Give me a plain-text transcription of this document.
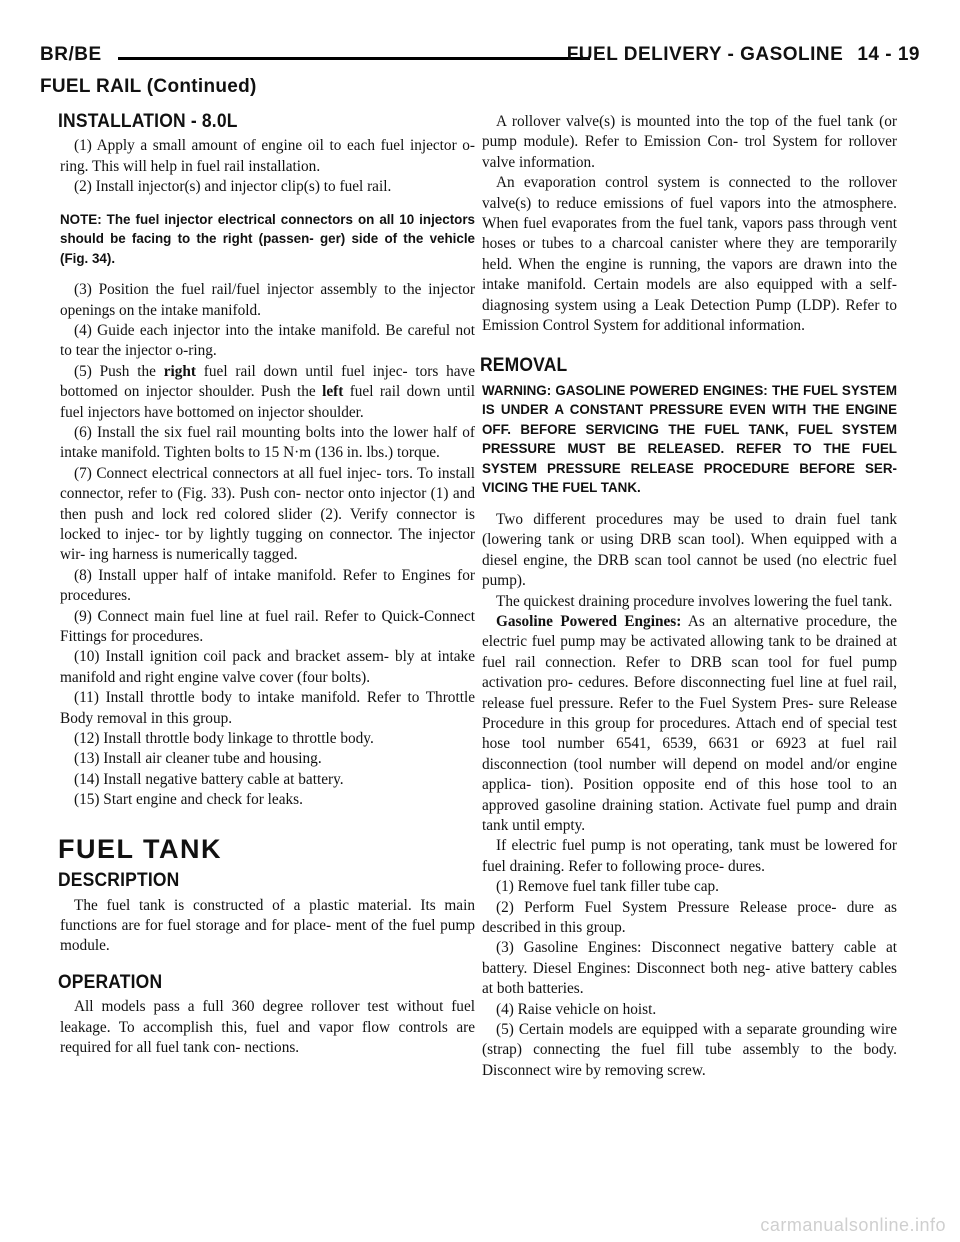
BR/BE	FUEL DELIVERY - GASOLINE 14 - 19
FUEL RAIL (Continued)
INSTALLATION - 8.0L

(1) Apply a small amount of engine oil to each fuel injector o-ring. This will help in fuel rail installation.

(2) Install injector(s) and injector clip(s) to fuel rail.

NOTE: The fuel injector electrical connectors on all 10 injectors should be facing to the right (passen- ger) side of the vehicle (Fig. 34).

(3) Position the fuel rail/fuel injector assembly to the injector openings on the intake manifold.

(4) Guide each injector into the intake manifold. Be careful not to tear the injector o-ring.

(5) Push the right fuel rail down until fuel injec- tors have bottomed on injector shoulder. Push the left fuel rail down until fuel injectors have bottomed on injector shoulder.

(6) Install the six fuel rail mounting bolts into the lower half of intake manifold. Tighten bolts to 15 N·m (136 in. lbs.) torque.

(7) Connect electrical connectors at all fuel injec- tors. To install connector, refer to (Fig. 33). Push con- nector onto injector (1) and then push and lock red colored slider (2). Verify connector is locked to injec- tor by lightly tugging on connector. The injector wir- ing harness is numerically tagged.

(8) Install upper half of intake manifold. Refer to Engines for procedures.

(9) Connect main fuel line at fuel rail. Refer to Quick-Connect Fittings for procedures.

(10) Install ignition coil pack and bracket assem- bly at intake manifold and right engine valve cover (four bolts).

(11) Install throttle body to intake manifold. Refer to Throttle Body removal in this group.

(12) Install throttle body linkage to throttle body.

(13) Install air cleaner tube and housing.

(14) Install negative battery cable at battery.

(15) Start engine and check for leaks.

FUEL TANK
DESCRIPTION

The fuel tank is constructed of a plastic material. Its main functions are for fuel storage and for place- ment of the fuel pump module.

OPERATION

All models pass a full 360 degree rollover test without fuel leakage. To accomplish this, fuel and vapor flow controls are required for all fuel tank con- nections.

A rollover valve(s) is mounted into the top of the fuel tank (or pump module). Refer to Emission Con- trol System for rollover valve information.

An evaporation control system is connected to the rollover valve(s) to reduce emissions of fuel vapors into the atmosphere. When fuel evaporates from the fuel tank, vapors pass through vent hoses or tubes to a charcoal canister where they are temporarily held. When the engine is running, the vapors are drawn into the intake manifold. Certain models are also equipped with a self-diagnosing system using a Leak Detection Pump (LDP). Refer to Emission Control System for additional information.

REMOVAL
WARNING: GASOLINE POWERED ENGINES: THE FUEL SYSTEM IS UNDER A CONSTANT PRESSURE EVEN WITH THE ENGINE OFF. BEFORE SERVICING THE FUEL TANK, FUEL SYSTEM PRESSURE MUST BE RELEASED. REFER TO THE FUEL SYSTEM PRESSURE RELEASE PROCEDURE BEFORE SER- VICING THE FUEL TANK.

Two different procedures may be used to drain fuel tank (lowering tank or using DRB scan tool). When equipped with a diesel engine, the DRB scan tool cannot be used (no electric fuel pump).

The quickest draining procedure involves lowering the fuel tank.

Gasoline Powered Engines: As an alternative procedure, the electric fuel pump may be activated allowing tank to be drained at fuel rail connection. Refer to DRB scan tool for fuel pump activation pro- cedures. Before disconnecting fuel line at fuel rail, release fuel pressure. Refer to the Fuel System Pres- sure Release Procedure in this group for procedures. Attach end of special test hose tool number 6541, 6539, 6631 or 6923 at fuel rail disconnection (tool number will depend on model and/or engine applica- tion). Position opposite end of this hose tool to an approved gasoline draining station. Activate fuel pump and drain tank until empty.

If electric fuel pump is not operating, tank must be lowered for fuel draining. Refer to following proce- dures.

(1) Remove fuel tank filler tube cap.

(2) Perform Fuel System Pressure Release proce- dure as described in this group.

(3) Gasoline Engines: Disconnect negative battery cable at battery. Diesel Engines: Disconnect both neg- ative battery cables at both batteries.

(4) Raise vehicle on hoist.

(5) Certain models are equipped with a separate grounding wire (strap) connecting the fuel fill tube assembly to the body. Disconnect wire by removing screw.

carmanualsonline.info
